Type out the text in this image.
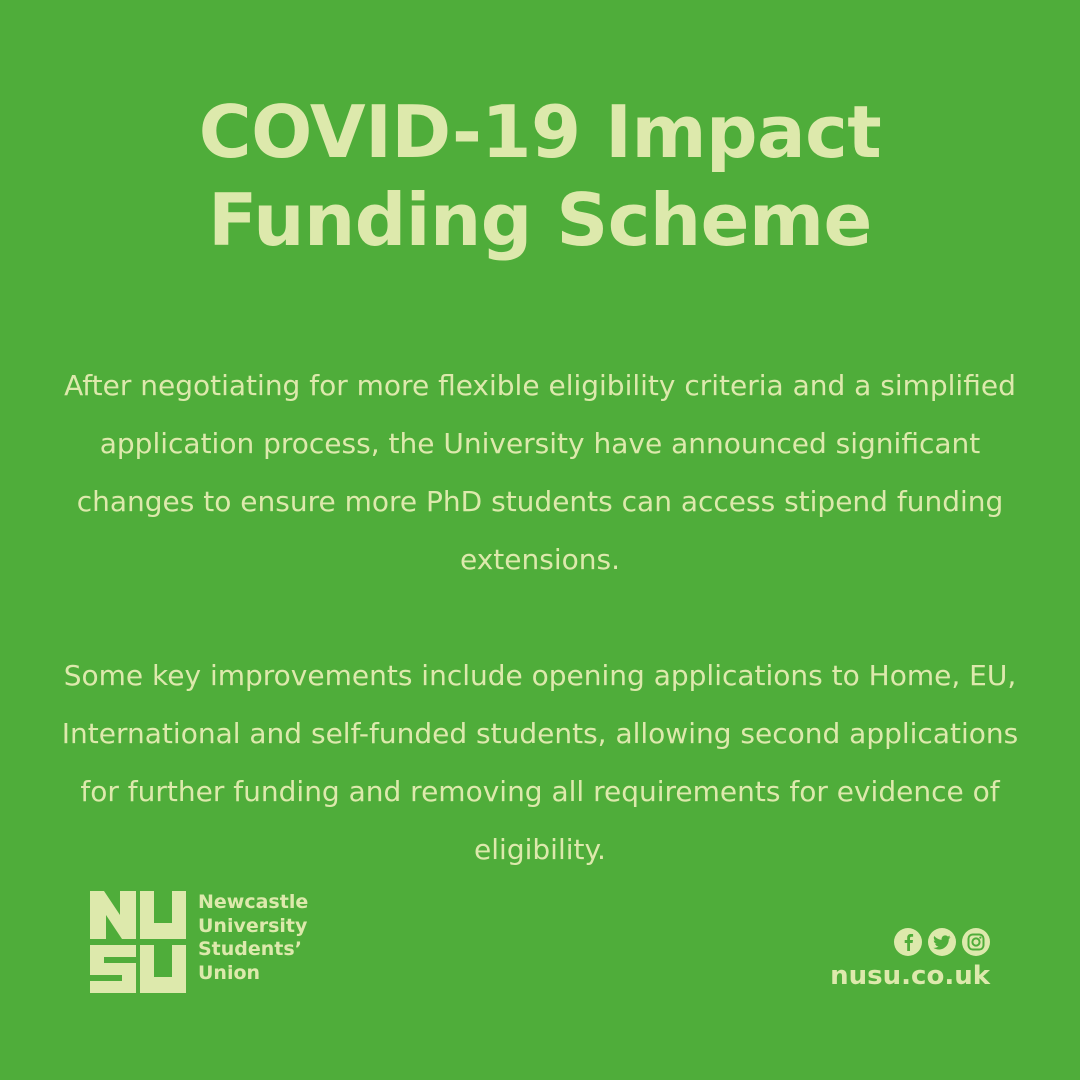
COVID-19 Impact
Funding Scheme

After negotiating for more flexible eligibility criteria and a simplified application process, the University have announced significant changes to ensure more PhD students can access stipend funding extensions.

Some key improvements include opening applications to Home, EU, International and self-funded students, allowing second applications for further funding and removing all requirements for evidence of eligibility.

Newcastle
University
Students’
Union	nusu.co.uk
